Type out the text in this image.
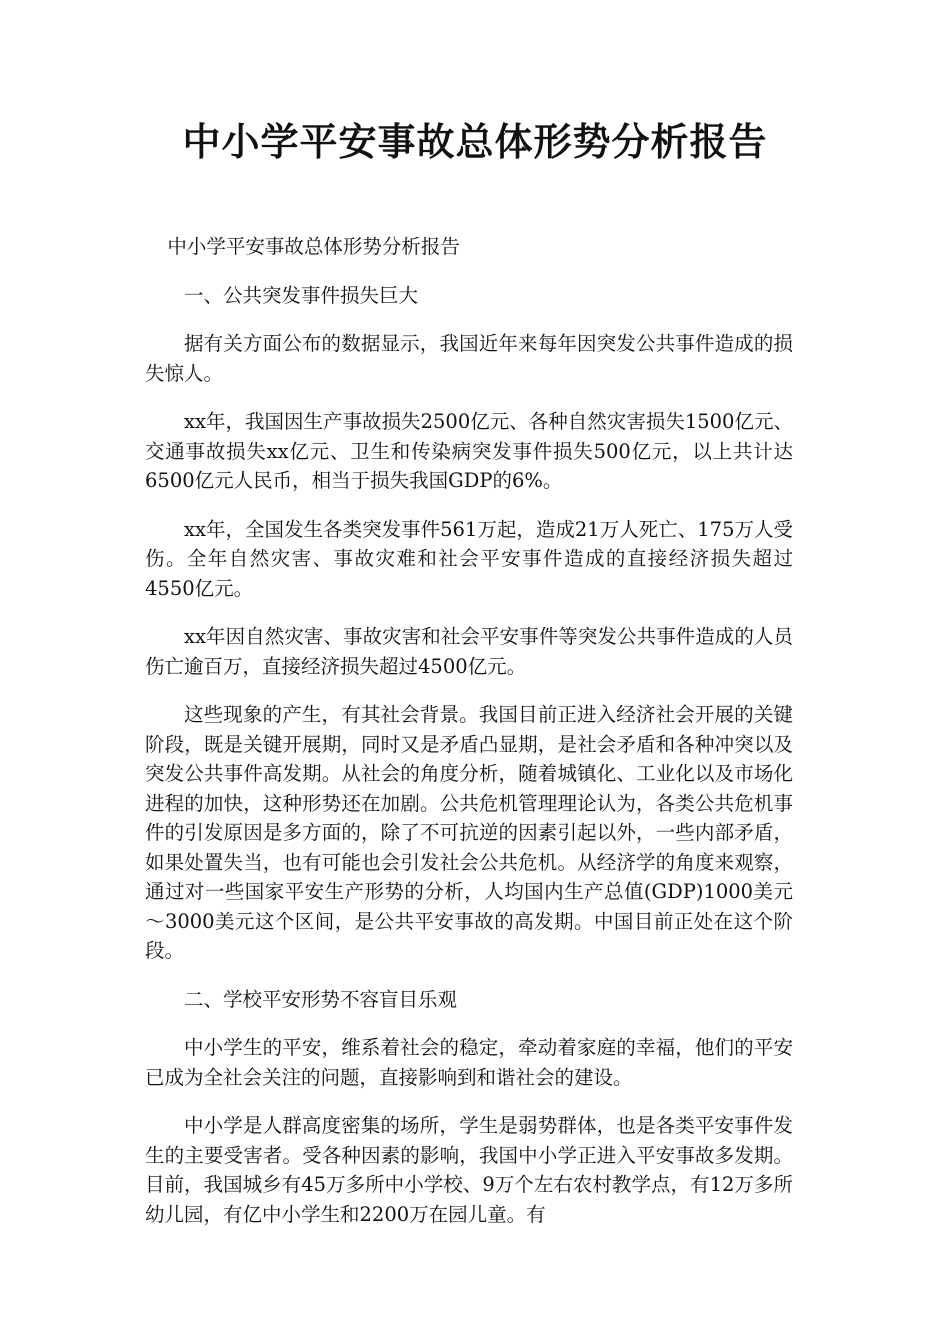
中小学平安事故总体形势分析报告

中小学平安事故总体形势分析报告

一、公共突发事件损失巨大

据有关方面公布的数据显示，我国近年来每年因突发公共事件造成的损失惊人。

xx年，我国因生产事故损失2500亿元、各种自然灾害损失1500亿元、交通事故损失xx亿元、卫生和传染病突发事件损失500亿元，以上共计达6500亿元人民币，相当于损失我国GDP的6%。

xx年，全国发生各类突发事件561万起，造成21万人死亡、175万人受伤。全年自然灾害、事故灾难和社会平安事件造成的直接经济损失超过4550亿元。

xx年因自然灾害、事故灾害和社会平安事件等突发公共事件造成的人员伤亡逾百万，直接经济损失超过4500亿元。

这些现象的产生，有其社会背景。我国目前正进入经济社会开展的关键阶段，既是关键开展期，同时又是矛盾凸显期，是社会矛盾和各种冲突以及突发公共事件高发期。从社会的角度分析，随着城镇化、工业化以及市场化进程的加快，这种形势还在加剧。公共危机管理理论认为，各类公共危机事件的引发原因是多方面的，除了不可抗逆的因素引起以外，一些内部矛盾，如果处置失当，也有可能也会引发社会公共危机。从经济学的角度来观察，通过对一些国家平安生产形势的分析，人均国内生产总值(GDP)1000美元～3000美元这个区间，是公共平安事故的高发期。中国目前正处在这个阶段。

二、学校平安形势不容盲目乐观

中小学生的平安，维系着社会的稳定，牵动着家庭的幸福，他们的平安已成为全社会关注的问题，直接影响到和谐社会的建设。

中小学是人群高度密集的场所，学生是弱势群体，也是各类平安事件发生的主要受害者。受各种因素的影响，我国中小学正进入平安事故多发期。目前，我国城乡有45万多所中小学校、9万个左右农村教学点，有12万多所幼儿园，有亿中小学生和2200万在园儿童。有
